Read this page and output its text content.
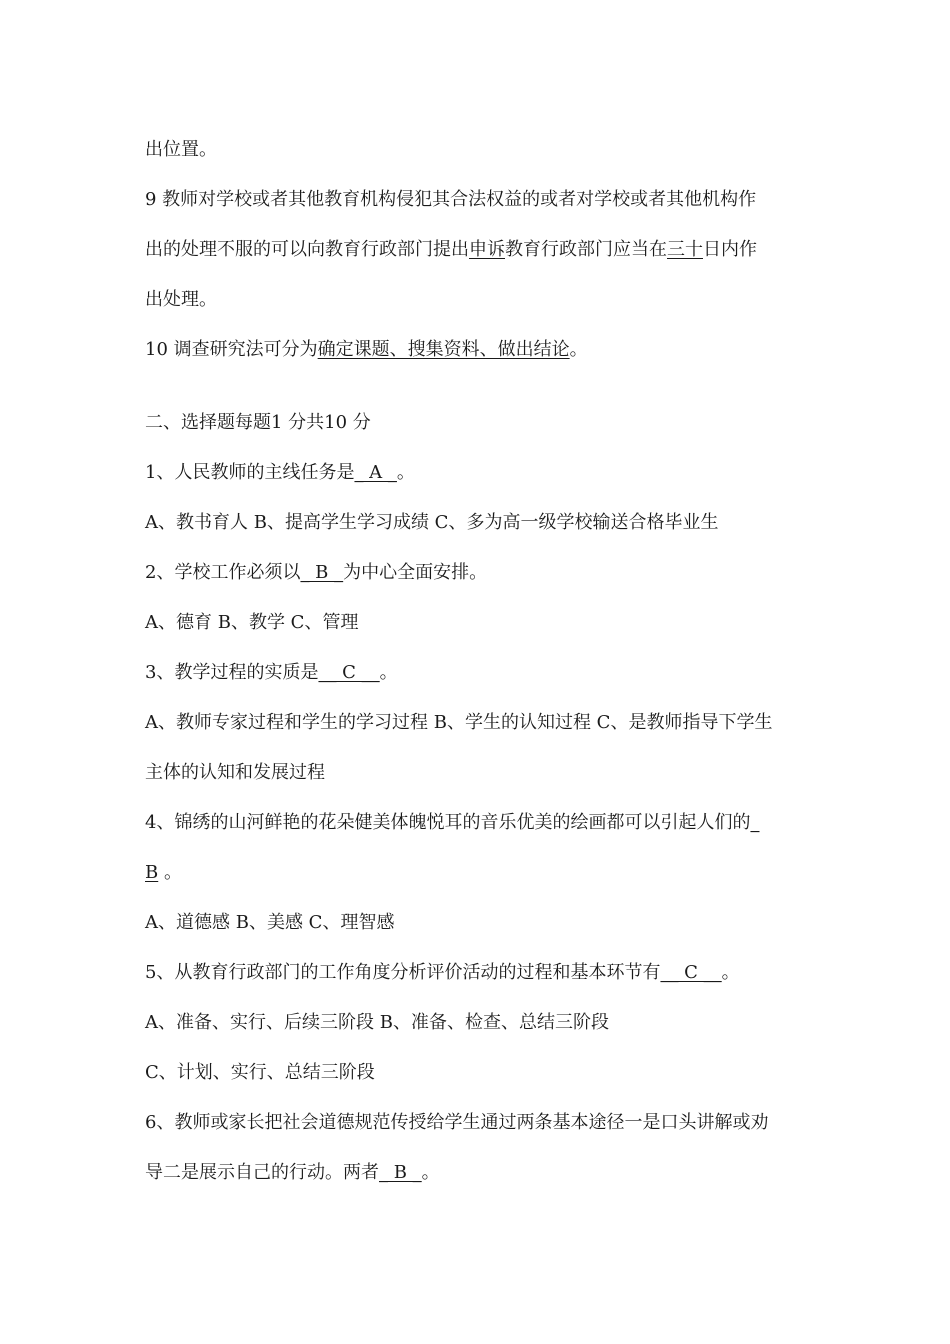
出位置。
9 教师对学校或者其他教育机构侵犯其合法权益的或者对学校或者其他机构作
出的处理不服的可以向教育行政部门提出申诉教育行政部门应当在三十日内作
出处理。
10 调查研究法可分为确定课题、搜集资料、做出结论。
二、选择题每题1 分共10 分
1、人民教师的主线任务是_ A _。
A、教书育人 B、提高学生学习成绩 C、多为高一级学校输送合格毕业生
2、学校工作必须以_ B _为中心全面安排。
A、德育 B、教学 C、管理
3、教学过程的实质是__ C __。
A、教师专家过程和学生的学习过程 B、学生的认知过程 C、是教师指导下学生
主体的认知和发展过程
4、锦绣的山河鲜艳的花朵健美体魄悦耳的音乐优美的绘画都可以引起人们的_
B 。
A、道德感 B、美感 C、理智感
5、从教育行政部门的工作角度分析评价活动的过程和基本环节有__ C __。
A、准备、实行、后续三阶段 B、准备、检查、总结三阶段
C、计划、实行、总结三阶段
6、教师或家长把社会道德规范传授给学生通过两条基本途径一是口头讲解或劝
导二是展示自己的行动。两者_ B _。
